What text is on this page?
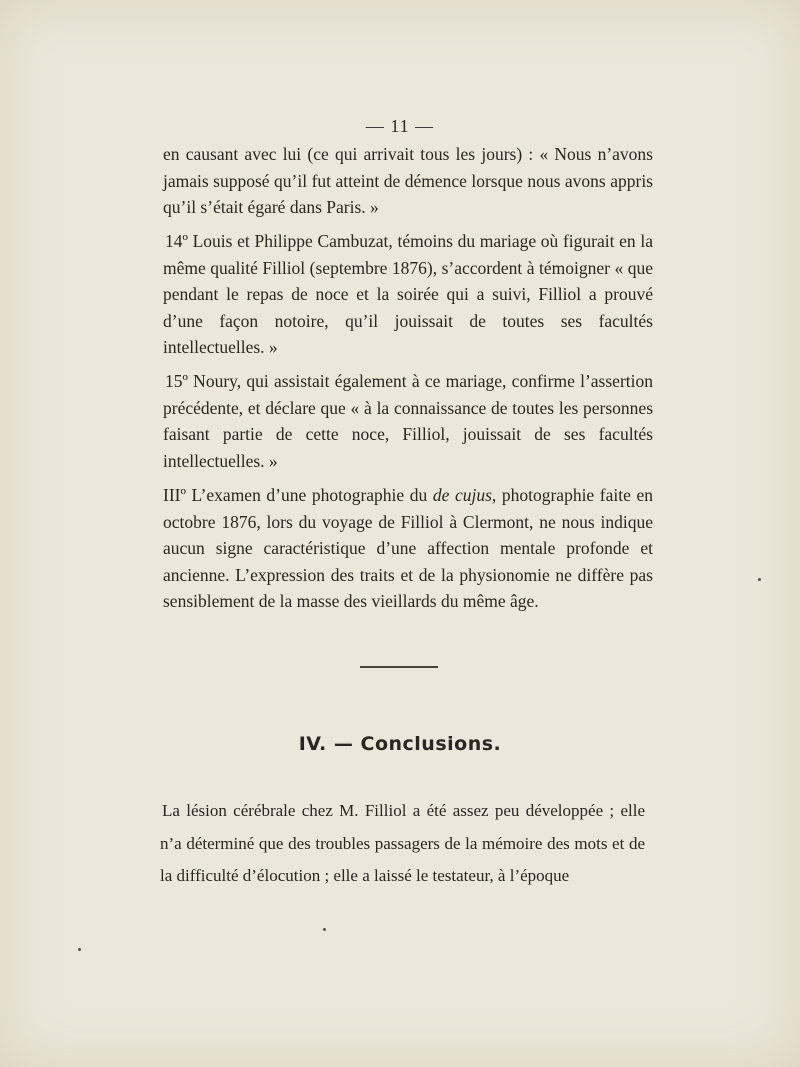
— 11 —

en causant avec lui (ce qui arrivait tous les jours) : « Nous n’avons jamais supposé qu’il fut atteint de démence lorsque nous avons appris qu’il s’était égaré dans Paris. »

14º Louis et Philippe Cambuzat, témoins du mariage où figurait en la même qualité Filliol (septembre 1876), s’accordent à témoigner « que pendant le repas de noce et la soirée qui a suivi, Filliol a prouvé d’une façon notoire, qu’il jouissait de toutes ses facultés intellectuelles. »

15º Noury, qui assistait également à ce mariage, confirme l’assertion précédente, et déclare que « à la connaissance de toutes les personnes faisant partie de cette noce, Filliol, jouissait de ses facultés intellectuelles. »

IIIº L’examen d’une photographie du de cujus, photographie faite en octobre 1876, lors du voyage de Filliol à Clermont, ne nous indique aucun signe caractéristique d’une affection mentale profonde et ancienne. L’expression des traits et de la physionomie ne diffère pas sensiblement de la masse des vieillards du même âge.

IV. — Conclusions.

La lésion cérébrale chez M. Filliol a été assez peu développée ; elle n’a déterminé que des troubles passagers de la mémoire des mots et de la difficulté d’élocution ; elle a laissé le testateur, à l’époque
